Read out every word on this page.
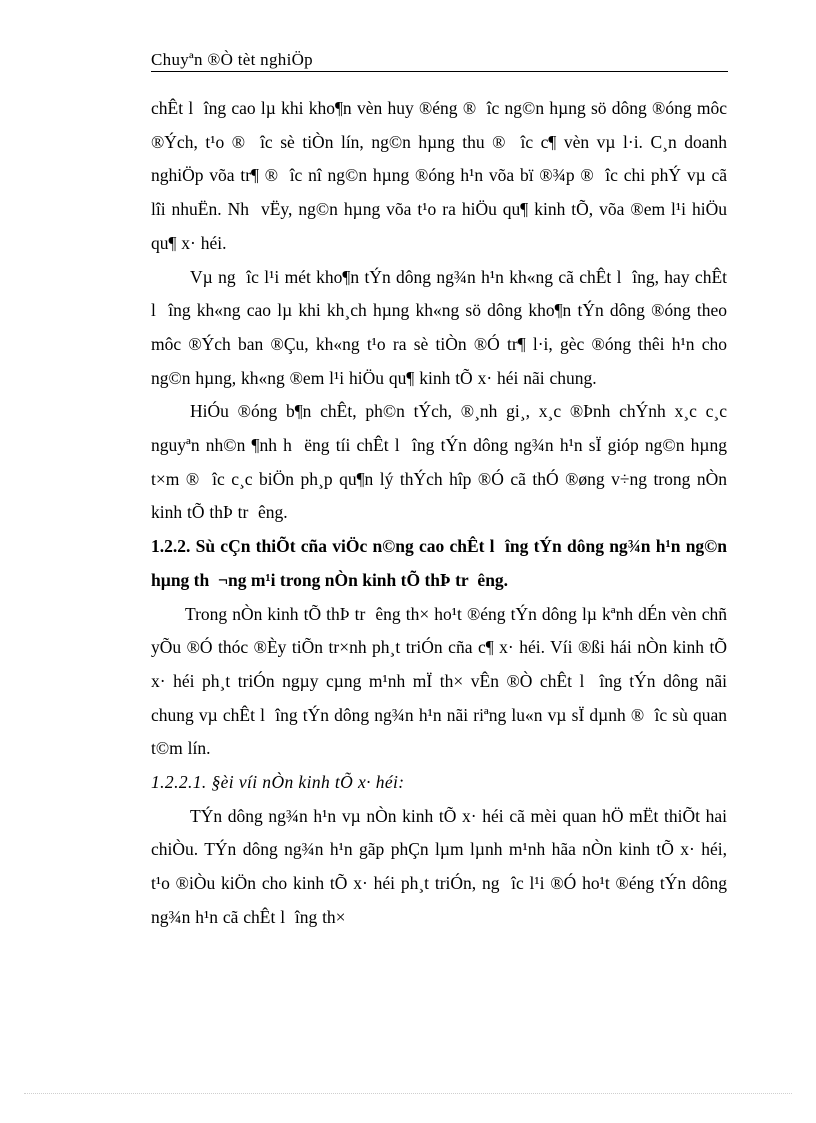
Chuyªn ®Ò tèt nghiÖp

chÊt l  îng cao lµ khi kho¶n vèn huy ®éng ®  îc ng©n hµng sö dông ®óng môc ®Ých, t¹o ®  îc sè tiÒn lín, ng©n hµng thu ®  îc c¶ vèn vµ l·i. C¸n doanh nghiÖp võa tr¶ ®  îc nî ng©n hµng ®óng h¹n võa bï ®¾p ®  îc chi phÝ vµ cã lîi nhuËn. Nh  vËy, ng©n hµng võa t¹o ra hiÖu qu¶ kinh tÕ, võa ®em l¹i hiÖu qu¶ x· héi.

Vµ ng  îc l¹i mét kho¶n tÝn dông ng¾n h¹n kh«ng cã chÊt l  îng, hay chÊt l  îng kh«ng cao lµ khi kh¸ch hµng kh«ng sö dông kho¶n tÝn dông ®óng theo môc ®Ých ban ®Çu, kh«ng t¹o ra sè tiÒn ®Ó tr¶ l·i, gèc ®óng thêi h¹n cho ng©n hµng, kh«ng ®em l¹i hiÖu qu¶ kinh tÕ x· héi nãi chung.

HiÓu ®óng b¶n chÊt, ph©n tÝch, ®¸nh gi¸, x¸c ®Þnh chÝnh x¸c c¸c nguyªn nh©n ¶nh h  ëng tíi chÊt l  îng tÝn dông ng¾n h¹n sÏ gióp ng©n hµng t×m ®  îc c¸c biÖn ph¸p qu¶n lý thÝch hîp ®Ó cã thÓ ®øng v÷ng trong nÒn kinh tÕ thÞ tr  êng.

1.2.2. Sù cÇn thiÕt cña viÖc n©ng cao chÊt l  îng tÝn dông ng¾n h¹n ng©n hµng th  ¬ng m¹i trong nÒn kinh tÕ thÞ tr  êng.

Trong nÒn kinh tÕ thÞ tr  êng th× ho¹t ®éng tÝn dông lµ kªnh dÉn vèn chñ yÕu ®Ó thóc ®Èy tiÕn tr×nh ph¸t triÓn cña c¶ x· héi. Víi ®ßi hái nÒn kinh tÕ x· héi ph¸t triÓn ngµy cµng m¹nh mÏ th× vÊn ®Ò chÊt l  îng tÝn dông nãi chung vµ chÊt l  îng tÝn dông ng¾n h¹n nãi riªng lu«n vµ sÏ dµnh ®  îc sù quan t©m lín.

1.2.2.1. §èi víi nÒn kinh tÕ x· héi:

TÝn dông ng¾n h¹n vµ nÒn kinh tÕ x· héi cã mèi quan hÖ mËt thiÕt hai chiÒu. TÝn dông ng¾n h¹n gãp phÇn lµm lµnh m¹nh hãa nÒn kinh tÕ x· héi, t¹o ®iÒu kiÖn cho kinh tÕ x· héi ph¸t triÓn, ng  îc l¹i ®Ó ho¹t ®éng tÝn dông ng¾n h¹n cã chÊt l  îng th×
